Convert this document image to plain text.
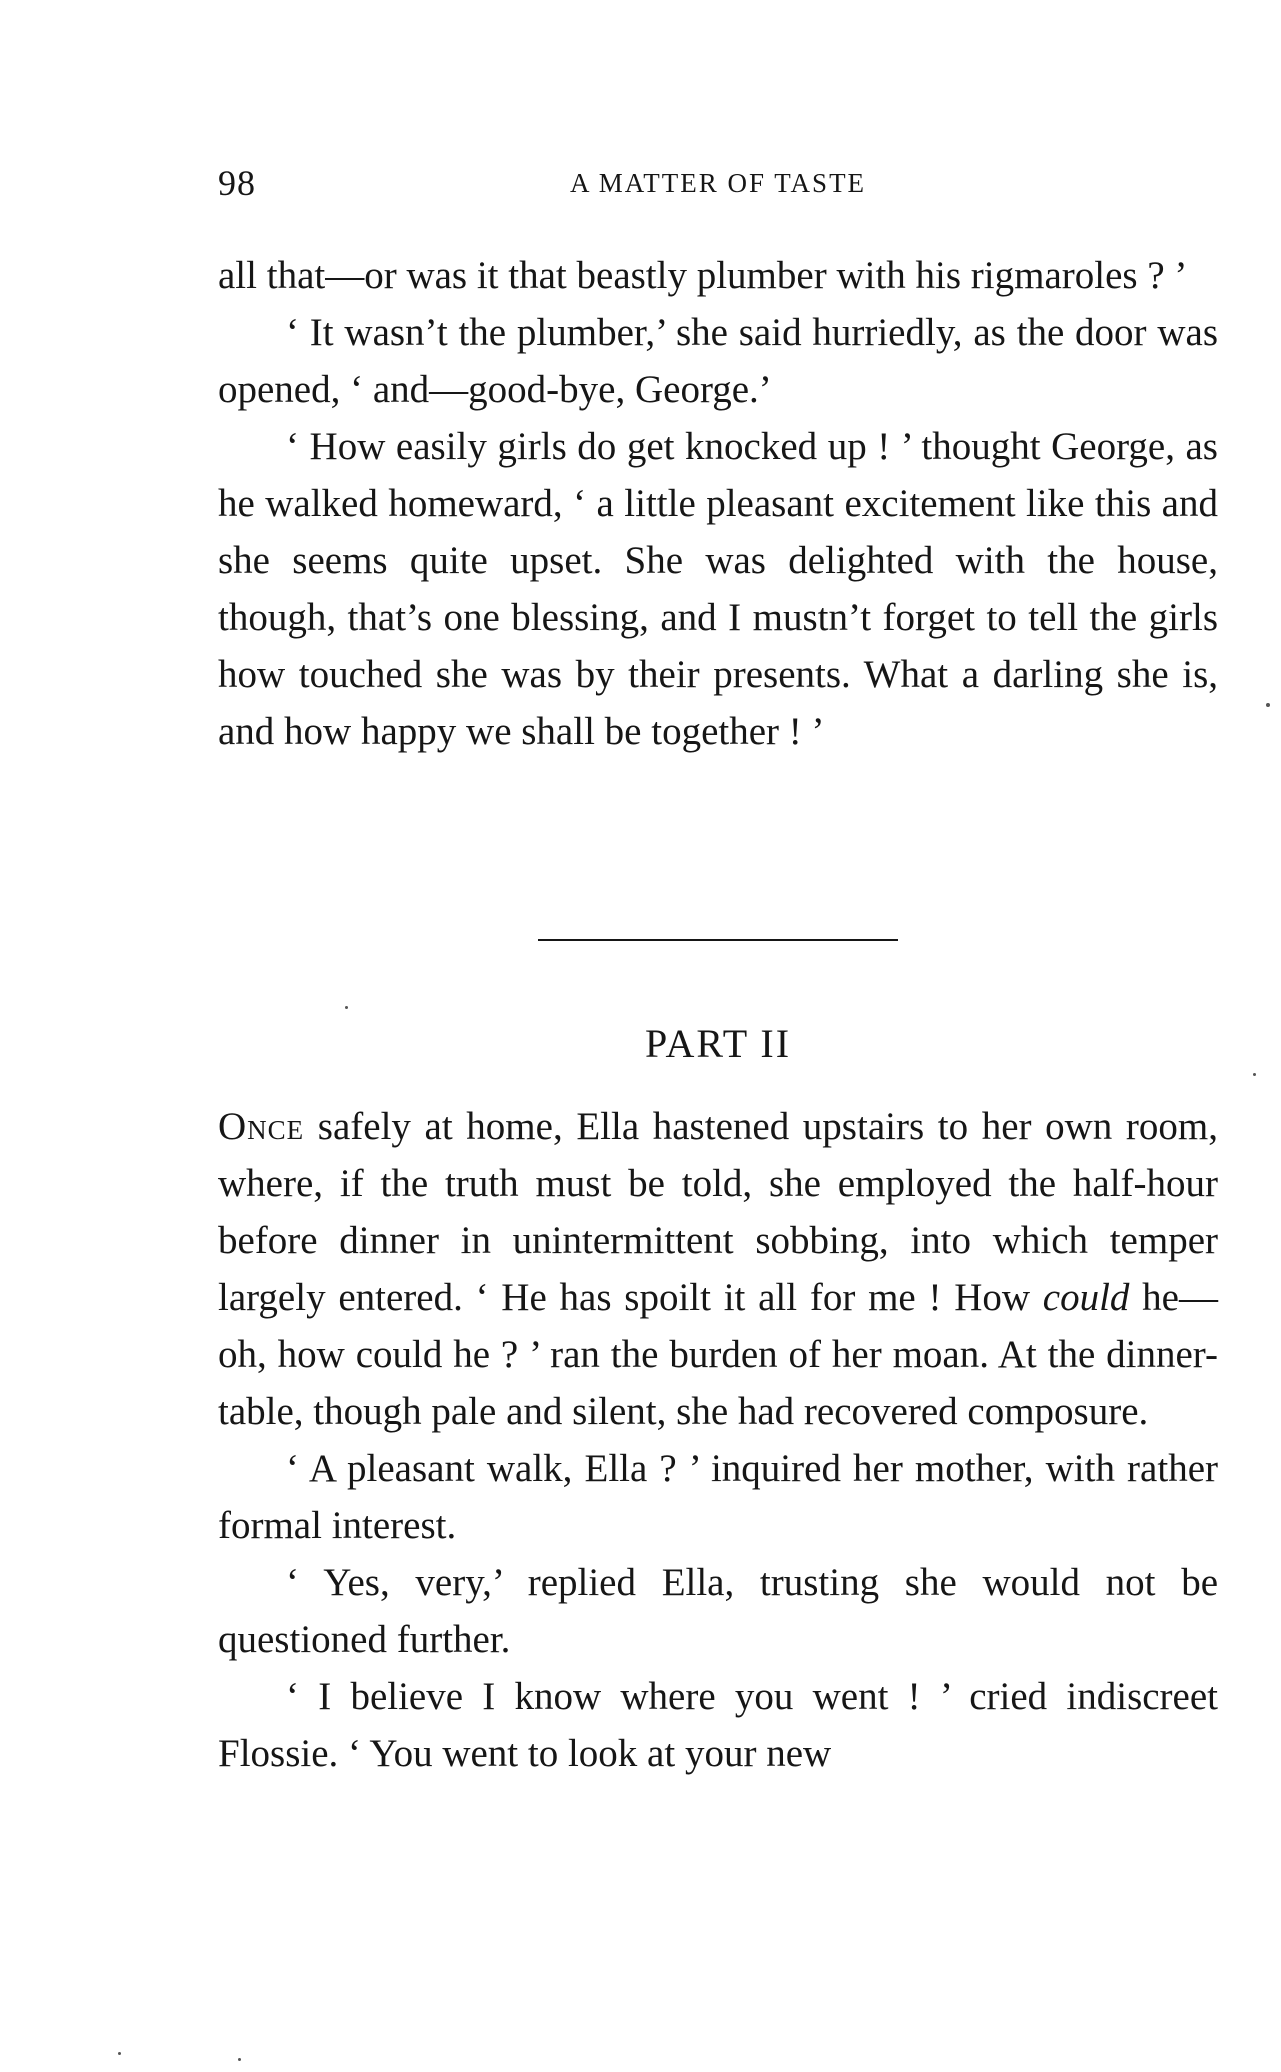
98	A MATTER OF TASTE

all that—or was it that beastly plumber with his rigmaroles ? ’

‘ It wasn’t the plumber,’ she said hurriedly, as the door was opened, ‘ and—good-bye, George.’

‘ How easily girls do get knocked up ! ’ thought George, as he walked homeward, ‘ a little pleasant excitement like this and she seems quite upset. She was delighted with the house, though, that’s one blessing, and I mustn’t forget to tell the girls how touched she was by their presents. What a darling she is, and how happy we shall be together ! ’

PART II

Once safely at home, Ella hastened upstairs to her own room, where, if the truth must be told, she employed the half-hour before dinner in unintermittent sobbing, into which temper largely entered. ‘ He has spoilt it all for me ! How could he—oh, how could he ? ’ ran the burden of her moan. At the dinner-table, though pale and silent, she had recovered composure.

‘ A pleasant walk, Ella ? ’ inquired her mother, with rather formal interest.

‘ Yes, very,’ replied Ella, trusting she would not be questioned further.

‘ I believe I know where you went ! ’ cried indiscreet Flossie. ‘ You went to look at your new
